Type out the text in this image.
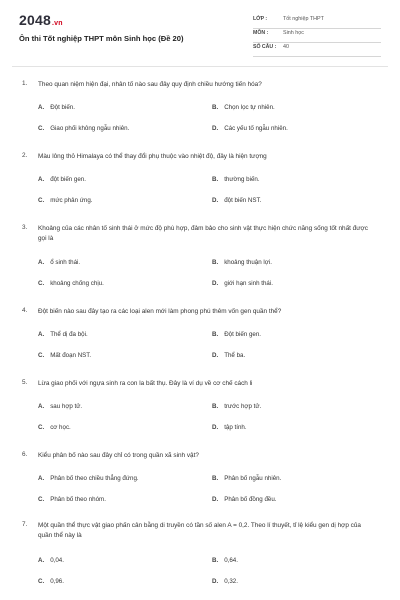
2048.vn
Ôn thi Tốt nghiệp THPT môn Sinh học (Đề 20)
LỚP :	Tốt nghiệp THPT
MÔN :	Sinh học
SỐ CÂU : 40
1. Theo quan niệm hiện đại, nhân tố nào sau đây quy định chiều hướng tiến hóa?
A. Đột biến.	B. Chọn lọc tự nhiên.
C. Giao phối không ngẫu nhiên.	D. Các yếu tố ngẫu nhiên.
2. Màu lông thỏ Himalaya có thể thay đổi phụ thuộc vào nhiệt độ, đây là hiện tượng
A. đột biến gen.	B. thường biến.
C. mức phản ứng.	D. đột biến NST.
3. Khoảng của các nhân tố sinh thái ở mức độ phù hợp, đảm bảo cho sinh vật thực hiện chức năng sống tốt nhất được gọi là
A. ổ sinh thái.	B. khoảng thuận lợi.
C. khoảng chống chịu.	D. giới hạn sinh thái.
4. Đột biến nào sau đây tạo ra các loại alen mới làm phong phú thêm vốn gen quần thể?
A. Thể dị đa bội.	B. Đột biến gen.
C. Mất đoạn NST.	D. Thể ba.
5. Lừa giao phối với ngựa sinh ra con la bất thụ. Đây là ví dụ về cơ chế cách li
A. sau hợp tử.	B. trước hợp tử.
C. cơ học.	D. tập tính.
6. Kiểu phân bố nào sau đây chỉ có trong quần xã sinh vật?
A. Phân bố theo chiều thẳng đứng.	B. Phân bố ngẫu nhiên.
C. Phân bố theo nhóm.	D. Phân bố đồng đều.
7. Một quần thể thực vật giao phấn cân bằng di truyền có tần số alen A = 0,2. Theo lí thuyết, tỉ lệ kiểu gen dị hợp của quần thể này là
A. 0,04.	B. 0,64.
C. 0,96.	D. 0,32.
